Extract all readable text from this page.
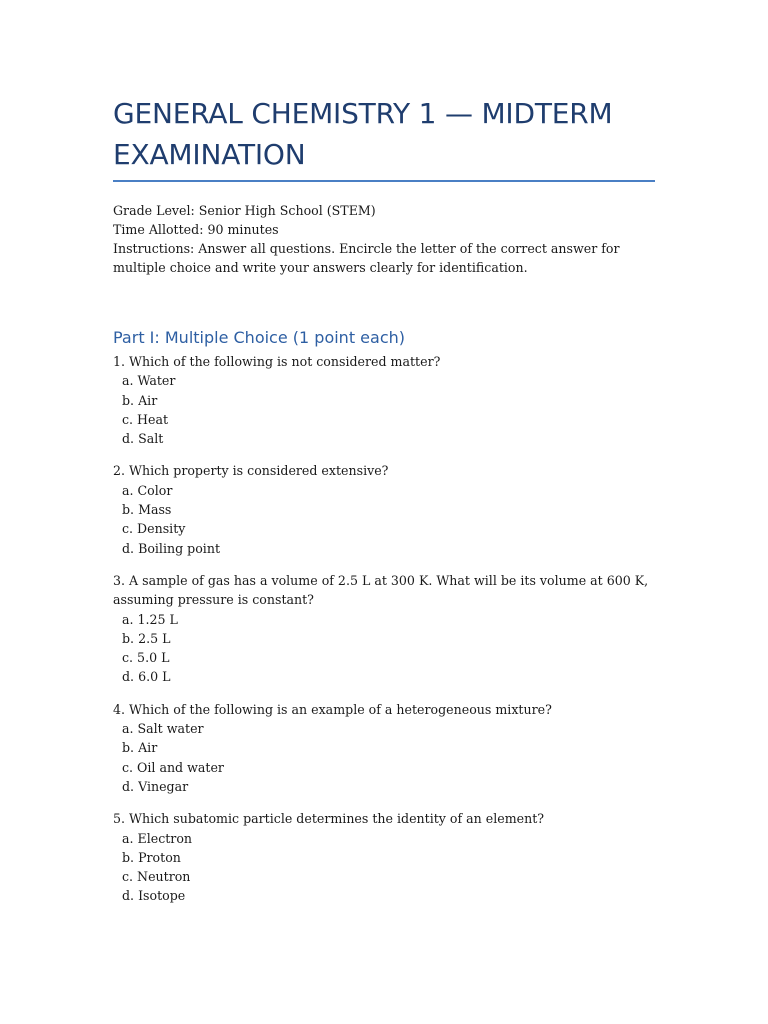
GENERAL CHEMISTRY 1 — MIDTERM EXAMINATION
Grade Level: Senior High School (STEM)
Time Allotted: 90 minutes
Instructions: Answer all questions. Encircle the letter of the correct answer for multiple choice and write your answers clearly for identification.
Part I: Multiple Choice (1 point each)

1. Which of the following is not considered matter?

a. Water

b. Air

c. Heat

d. Salt

2. Which property is considered extensive?

a. Color

b. Mass

c. Density

d. Boiling point

3. A sample of gas has a volume of 2.5 L at 300 K. What will be its volume at 600 K, assuming pressure is constant?

a. 1.25 L

b. 2.5 L

c. 5.0 L

d. 6.0 L

4. Which of the following is an example of a heterogeneous mixture?

a. Salt water

b. Air

c. Oil and water

d. Vinegar

5. Which subatomic particle determines the identity of an element?

a. Electron

b. Proton

c. Neutron

d. Isotope
